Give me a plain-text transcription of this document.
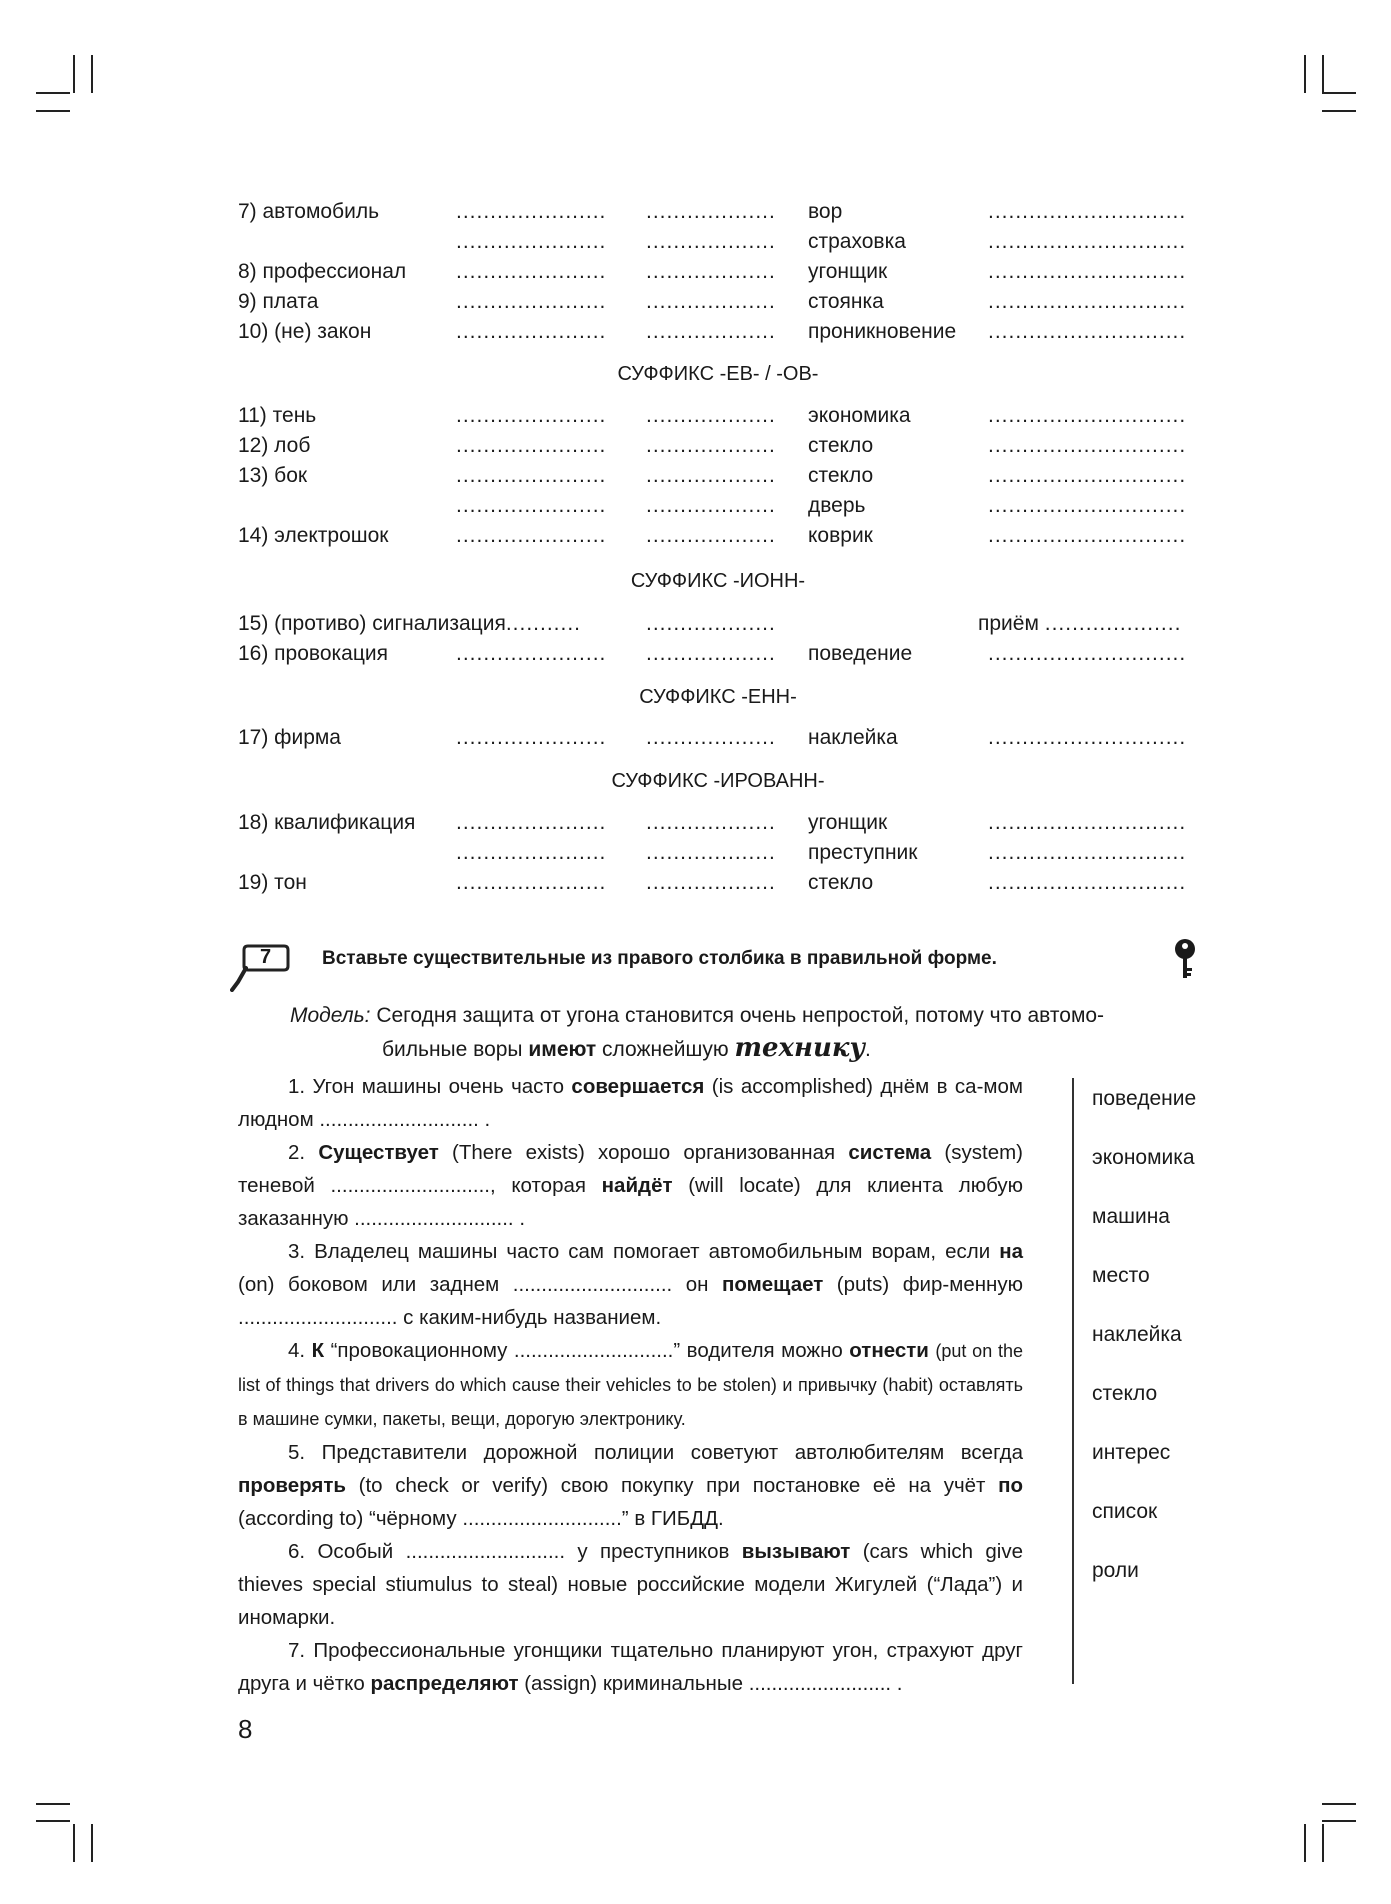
7) автомобиль	...................... ................... вор	.............................
...................... ................... страховка	.............................
8) профессионал ...................... ................... угонщик	.............................
9) плата	...................... ................... стоянка	.............................
10) (не) закон	...................... ................... проникновение .............................
СУФФИКС -ЕВ- / -ОВ-
11) тень	...................... ................... экономика	.............................
12) лоб	...................... ................... стекло	.............................
13) бок	...................... ................... стекло	.............................
...................... ................... дверь	.............................
14) электрошок	...................... ................... коврик	.............................
СУФФИКС -ИОНН-
15) (противо) сигнализация...........	...................	приём ....................
16) провокация	...................... ................... поведение	.............................
СУФФИКС -ЕНН-
17) фирма	...................... ................... наклейка	.............................
СУФФИКС -ИРОВАНН-
18) квалификация ...................... ................... угонщик	.............................
...................... ................... преступник	.............................
19) тон	...................... ................... стекло	.............................
7	Вставьте существительные из правого столбика в правильной форме.
Модель: Сегодня защита от угона становится очень непростой, потому что автомо-
бильные воры имеют сложнейшую технику.

1. Угон машины очень часто совершается (is accomplished) днём в са-мом людном ............................ .

2. Существует (There exists) хорошо организованная система (system) теневой ............................, которая найдёт (will locate) для клиента любую заказанную ............................ .

3. Владелец машины часто сам помогает автомобильным ворам, если на (on) боковом или заднем ............................ он помещает (puts) фир-менную ............................ с каким-нибудь названием.

4. К “провокационному ............................” водителя можно отнести (put on the list of things that drivers do which cause their vehicles to be stolen) и привычку (habit) оставлять в машине сумки, пакеты, вещи, дорогую электронику.

5. Представители дорожной полиции советуют автолюбителям всегда проверять (to check or verify) свою покупку при постановке её на учёт по (according to) “чёрному ............................” в ГИБДД.

6. Особый ............................ у преступников вызывают (cars which give thieves special stiumulus to steal) новые российские модели Жигулей (“Лада”) и иномарки.

7. Профессиональные угонщики тщательно планируют угон, страхуют друг друга и чётко распределяют (assign) криминальные ......................... .

поведение
экономика
машина
место
наклейка
стекло
интерес
список
роли
8
